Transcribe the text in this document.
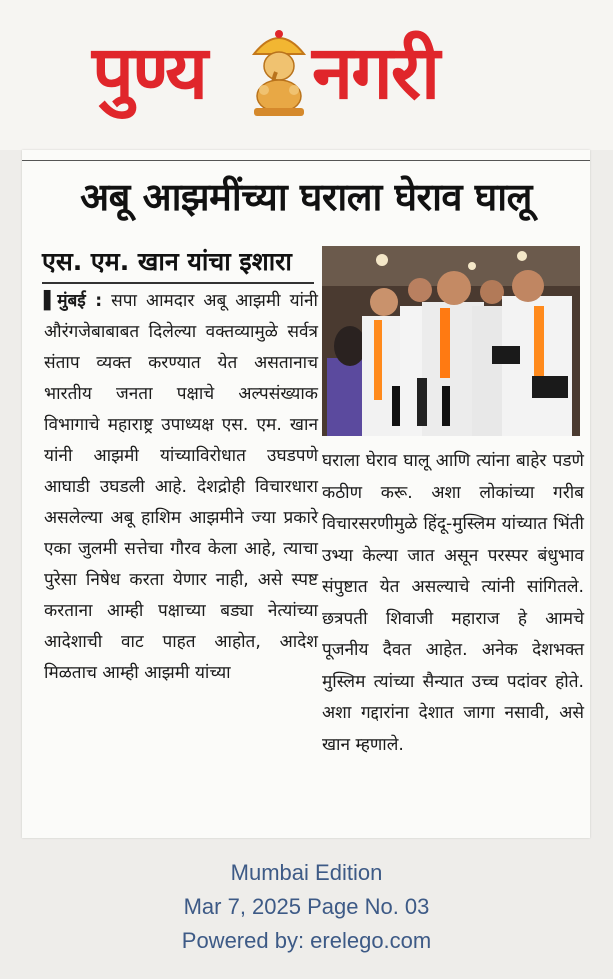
पुण्य नगरी
अबू आझमींच्या घराला घेराव घालू
एस. एम. खान यांचा इशारा

▌मुंबई : सपा आमदार अबू आझमी यांनी औरंगजेबाबाबत दिलेल्या वक्तव्यामुळे सर्वत्र संताप व्यक्त करण्यात येत असतानाच भारतीय जनता पक्षाचे अल्पसंख्याक विभागाचे महाराष्ट्र उपाध्यक्ष एस. एम. खान यांनी आझमी यांच्याविरोधात उघडपणे आघाडी उघडली आहे. देशद्रोही विचारधारा असलेल्या अबू हाशिम आझमीने ज्या प्रकारे एका जुलमी सत्तेचा गौरव केला आहे, त्याचा पुरेसा निषेध करता येणार नाही, असे स्पष्ट करताना आम्ही पक्षाच्या बड्या नेत्यांच्या आदेशाची वाट पाहत आहोत, आदेश मिळताच आम्ही आझमी यांच्या

घराला घेराव घालू आणि त्यांना बाहेर पडणे कठीण करू. अशा लोकांच्या गरीब विचारसरणीमुळे हिंदू-मुस्लिम यांच्यात भिंती उभ्या केल्या जात असून परस्पर बंधुभाव संपुष्टात येत असल्याचे त्यांनी सांगितले. छत्रपती शिवाजी महाराज हे आमचे पूजनीय दैवत आहेत. अनेक देशभक्त मुस्लिम त्यांच्या सैन्यात उच्च पदांवर होते. अशा गद्दारांना देशात जागा नसावी, असे खान म्हणाले.

Mumbai Edition
Mar 7, 2025 Page No. 03
Powered by: erelego.com
